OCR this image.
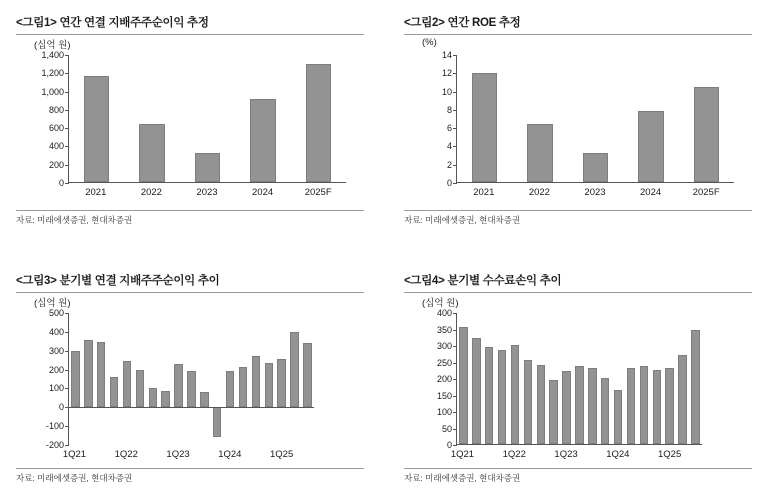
<그림1> 연간 연결 지배주주순이익 추정
(십억 원)
0
200
400
600
800
1,000
1,200
1,400
2021	2022	2023	2024	2025F
자료: 미래에셋증권, 현대차증권
<그림2> 연간 ROE 추정
(%)
0
2
4
6
8
10
12
14
2021	2022	2023	2024	2025F
자료: 미래에셋증권, 현대차증권
<그림3> 분기별 연결 지배주주순이익 추이
(십억 원)
-200
-100
0
100
200
300
400
500
1Q21	1Q22	1Q23	1Q24	1Q25
자료: 미래에셋증권, 현대차증권
<그림4> 분기별 수수료손익 추이
(십억 원)
0
50
100
150
200
250
300
350
400
1Q21	1Q22	1Q23	1Q24	1Q25
자료: 미래에셋증권, 현대차증권
